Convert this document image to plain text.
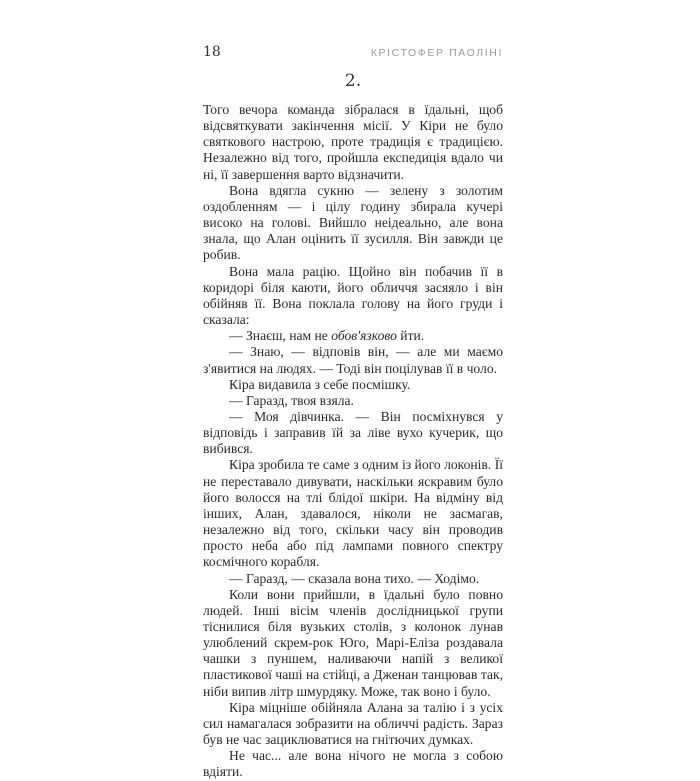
18	КРІСТОФЕР ПАОЛІНІ
2.

Того вечора команда зібралася в їдальні, щоб відсвяткувати закінчення місії. У Кіри не було святкового настрою, проте традиція є традицією. Незалежно від того, пройшла експедиція вдало чи ні, її завершення варто відзначити.

Вона вдягла сукню — зелену з золотим оздобленням — і цілу годину збирала кучері високо на голові. Вийшло неідеально, але вона знала, що Алан оцінить її зусилля. Він завжди це робив.

Вона мала рацію. Щойно він побачив її в коридорі біля каюти, його обличчя засяяло і він обійняв її. Вона поклала голову на його груди і сказала:

— Знаєш, нам не обов'язково йти.

— Знаю, — відповів він, — але ми маємо з'явитися на людях. — Тоді він поцілував її в чоло.

Кіра видавила з себе посмішку.

— Гаразд, твоя взяла.

— Моя дівчинка. — Він посміхнувся у відповідь і заправив їй за ліве вухо кучерик, що вибився.

Кіра зробила те саме з одним із його локонів. Її не переставало дивувати, наскільки яскравим було його волосся на тлі блідої шкіри. На відміну від інших, Алан, здавалося, ніколи не засмагав, незалежно від того, скільки часу він проводив просто неба або під лампами повного спектру космічного корабля.

— Гаразд, — сказала вона тихо. — Ходімо.

Коли вони прийшли, в їдальні було повно людей. Інші вісім членів дослідницької групи тіснилися біля вузьких столів, з колонок лунав улюблений скрем-рок Юго, Марі-Еліза роздавала чашки з пуншем, наливаючи напій з великої пластикової чаші на стійці, а Дженан танцював так, ніби випив літр шмурдяку. Може, так воно і було.

Кіра міцніше обійняла Алана за талію і з усіх сил намагалася зобразити на обличчі радість. Зараз був не час зациклюватися на гнітючих думках.

Не час... але вона нічого не могла з собою вдіяти.
